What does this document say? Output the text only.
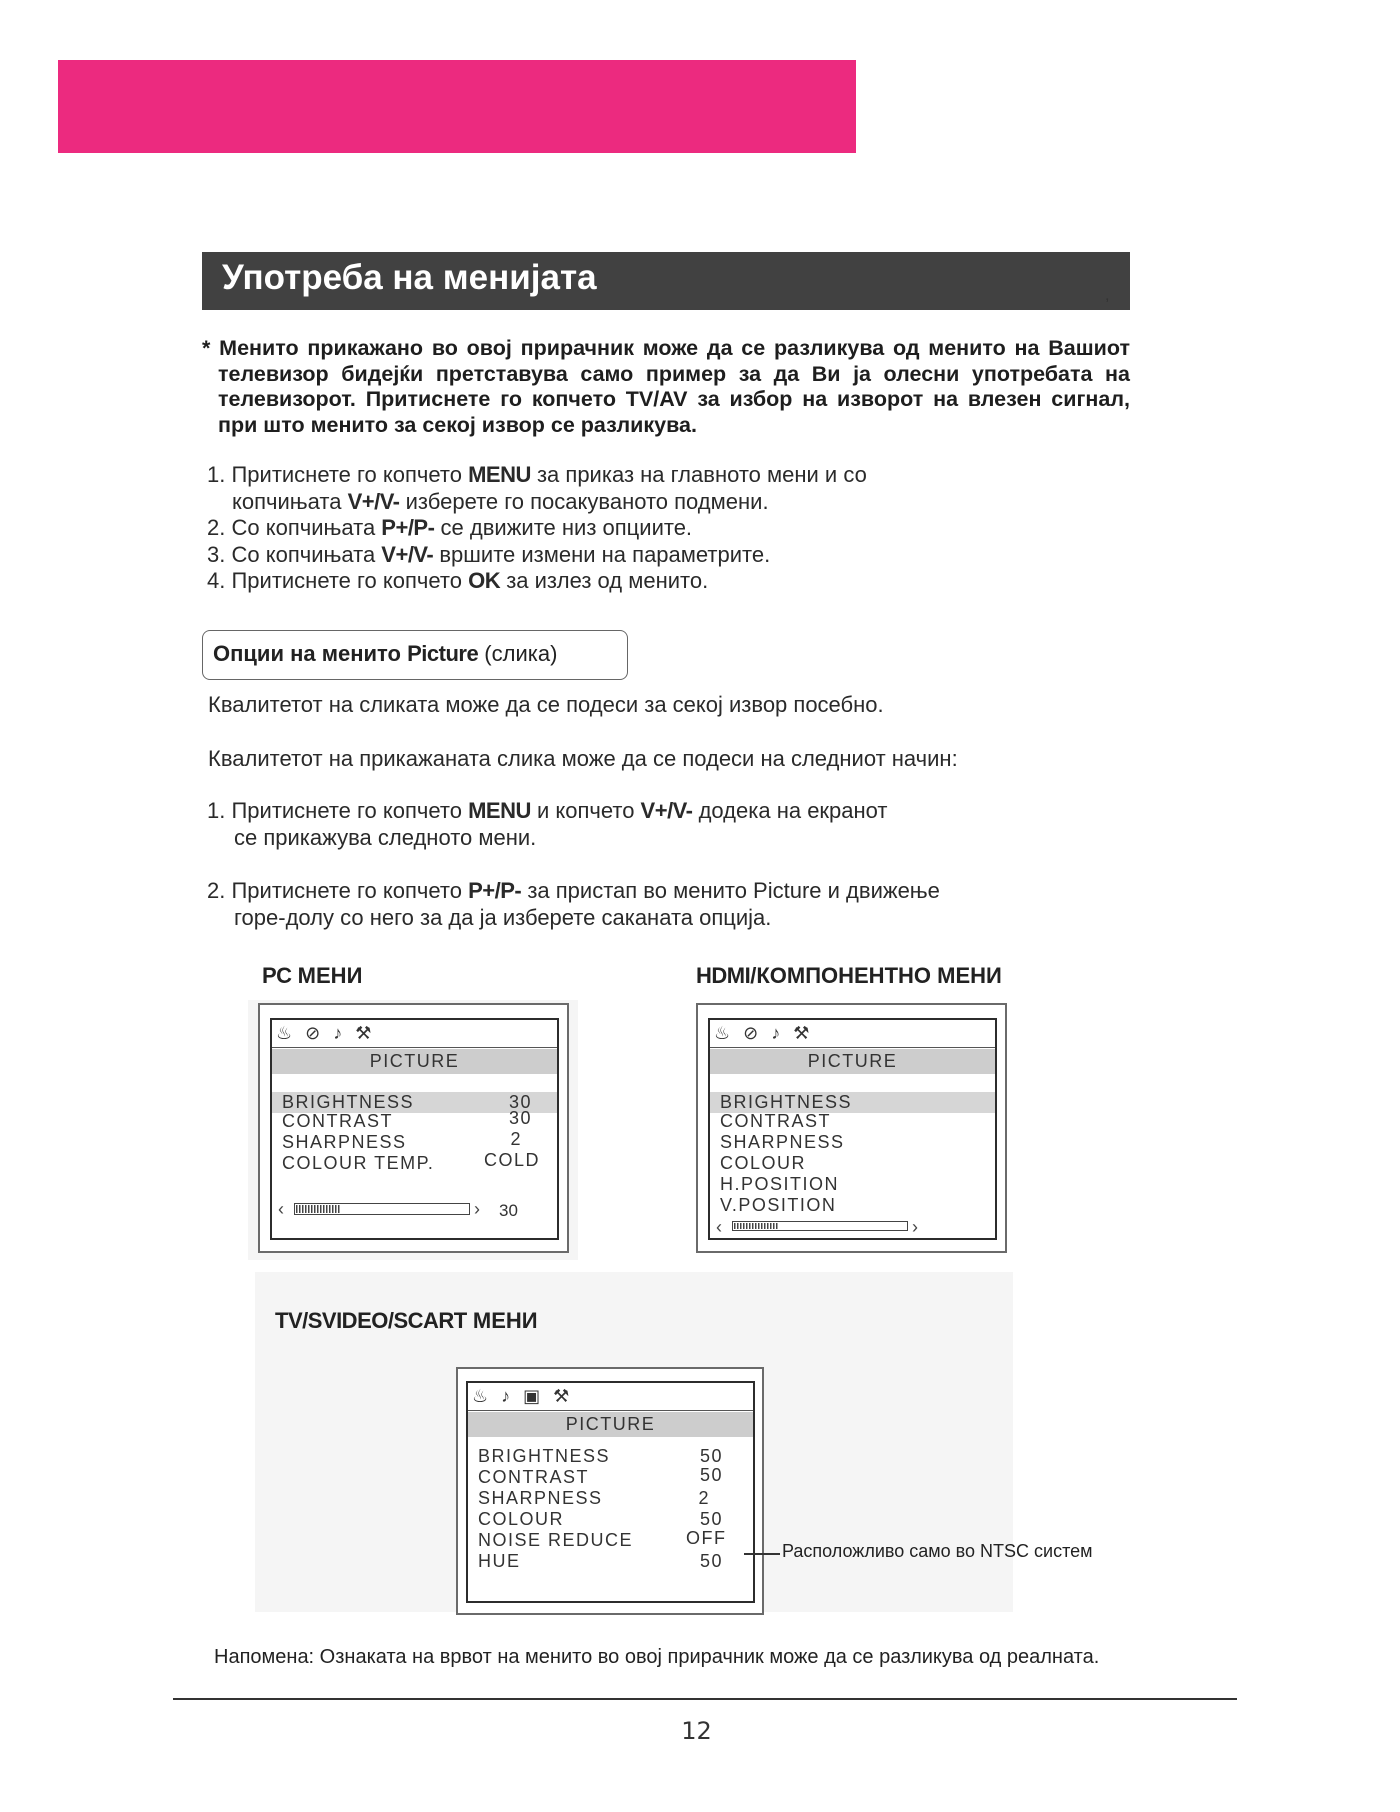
Употреба на менијата	,

* Менито прикажано во овој прирачник може да се разликува од менито на Вашиот телевизор бидејќи претставува само пример за да Ви ја олесни употребата на телевизорот. Притиснете го копчето TV/AV за избор на изворот на влезен сигнал, при што менито за секој извор се разликува.

1. Притиснете го копчето MENU за приказ на главното мени и со
копчињата V+/V- изберете го посакуваното подмени.
2. Со копчињата P+/P- се движите низ опциите.
3. Со копчињата V+/V- вршите измени на параметрите.
4. Притиснете го копчето OK за излез од менито.
Опции на менито Picture (слика)
Квалитетот на сликата може да се подеси за секој извор посебно.
Квалитетот на прикажаната слика може да се подеси на следниот начин:
1. Притиснете го копчето MENU и копчето V+/V- додека на екранот
се прикажува следното мени.
2. Притиснете го копчето P+/P- за пристап во менито Picture и движење
горе-долу со него за да ја изберете саканата опција.
PC МЕНИ	HDMI/КОМПОНЕНТНО МЕНИ
♨ ⊘ ♪ ⚒
PICTURE
BRIGHTNESS	30
CONTRAST	30
SHARPNESS	2
COLOUR TEMP.	COLD
‹	› 30
♨ ⊘ ♪ ⚒
PICTURE
BRIGHTNESS
CONTRAST
SHARPNESS
COLOUR
H.POSITION
V.POSITION
‹	›
TV/SVIDEO/SCART МЕНИ
♨ ♪ ▣ ⚒
PICTURE
BRIGHTNESS	50
CONTRAST	50
SHARPNESS	2
COLOUR	50
NOISE REDUCE	OFF
HUE	50	Расположливо само во NTSC систем
Напомена: Ознаката на врвот на менито во овој прирачник може да се разликува од реалната.
12
